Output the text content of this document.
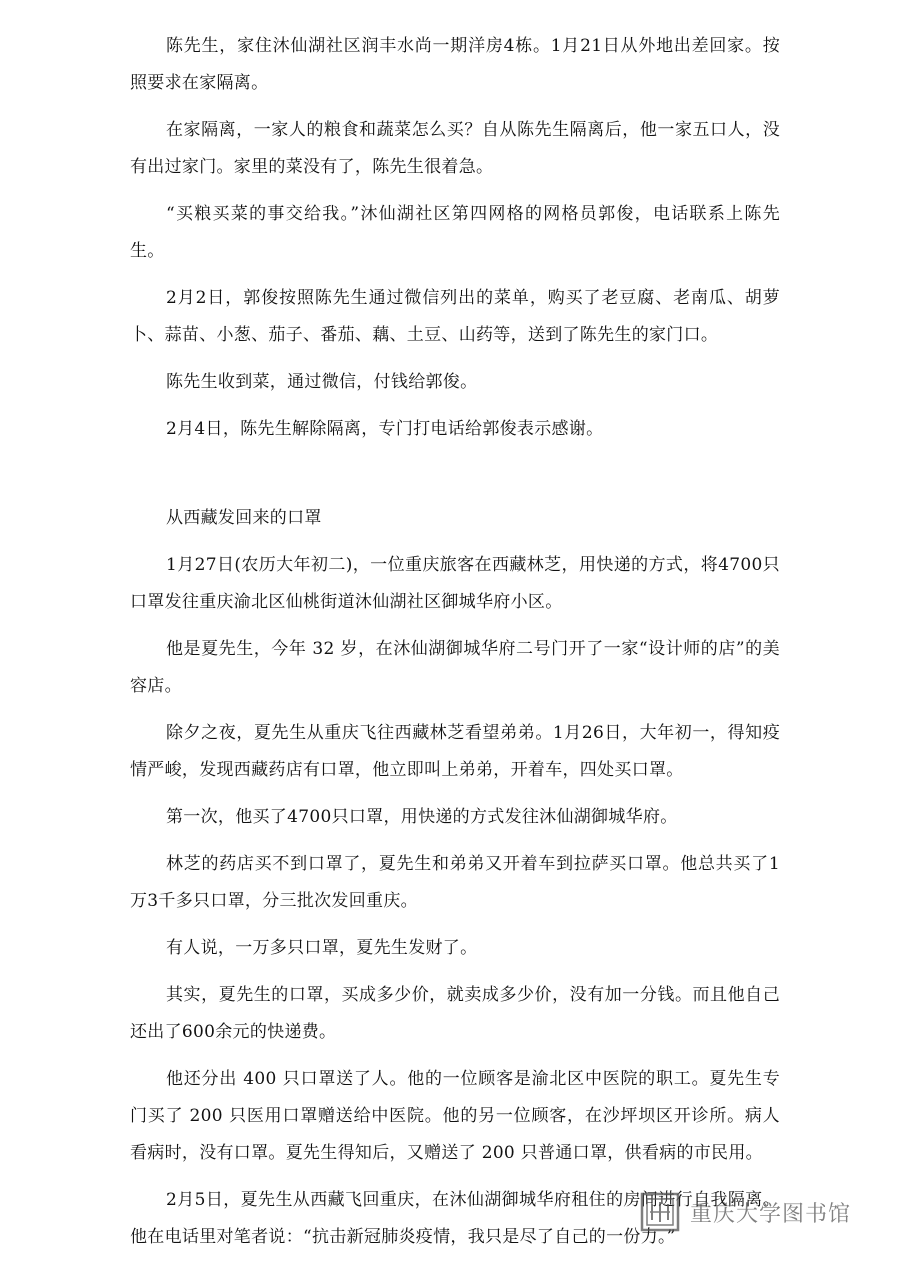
陈先生，家住沐仙湖社区润丰水尚一期洋房4栋。1月21日从外地出差回家。按照要求在家隔离。

在家隔离，一家人的粮食和蔬菜怎么买？自从陈先生隔离后，他一家五口人，没有出过家门。家里的菜没有了，陈先生很着急。

“买粮买菜的事交给我。”沐仙湖社区第四网格的网格员郭俊，电话联系上陈先生。

2月2日，郭俊按照陈先生通过微信列出的菜单，购买了老豆腐、老南瓜、胡萝卜、蒜苗、小葱、茄子、番茄、藕、土豆、山药等，送到了陈先生的家门口。

陈先生收到菜，通过微信，付钱给郭俊。

2月4日，陈先生解除隔离，专门打电话给郭俊表示感谢。

从西藏发回来的口罩

1月27日(农历大年初二)，一位重庆旅客在西藏林芝，用快递的方式，将4700只口罩发往重庆渝北区仙桃街道沐仙湖社区御城华府小区。

他是夏先生，今年 32 岁，在沐仙湖御城华府二号门开了一家“设计师的店”的美容店。

除夕之夜，夏先生从重庆飞往西藏林芝看望弟弟。1月26日，大年初一，得知疫情严峻，发现西藏药店有口罩，他立即叫上弟弟，开着车，四处买口罩。

第一次，他买了4700只口罩，用快递的方式发往沐仙湖御城华府。

林芝的药店买不到口罩了，夏先生和弟弟又开着车到拉萨买口罩。他总共买了1万3千多只口罩，分三批次发回重庆。

有人说，一万多只口罩，夏先生发财了。

其实，夏先生的口罩，买成多少价，就卖成多少价，没有加一分钱。而且他自己还出了600余元的快递费。

他还分出 400 只口罩送了人。他的一位顾客是渝北区中医院的职工。夏先生专门买了 200 只医用口罩赠送给中医院。他的另一位顾客，在沙坪坝区开诊所。病人看病时，没有口罩。夏先生得知后，又赠送了 200 只普通口罩，供看病的市民用。

2月5日，夏先生从西藏飞回重庆，在沐仙湖御城华府租住的房间进行自我隔离。他在电话里对笔者说：“抗击新冠肺炎疫情，我只是尽了自己的一份力。”

重庆大学图书馆
